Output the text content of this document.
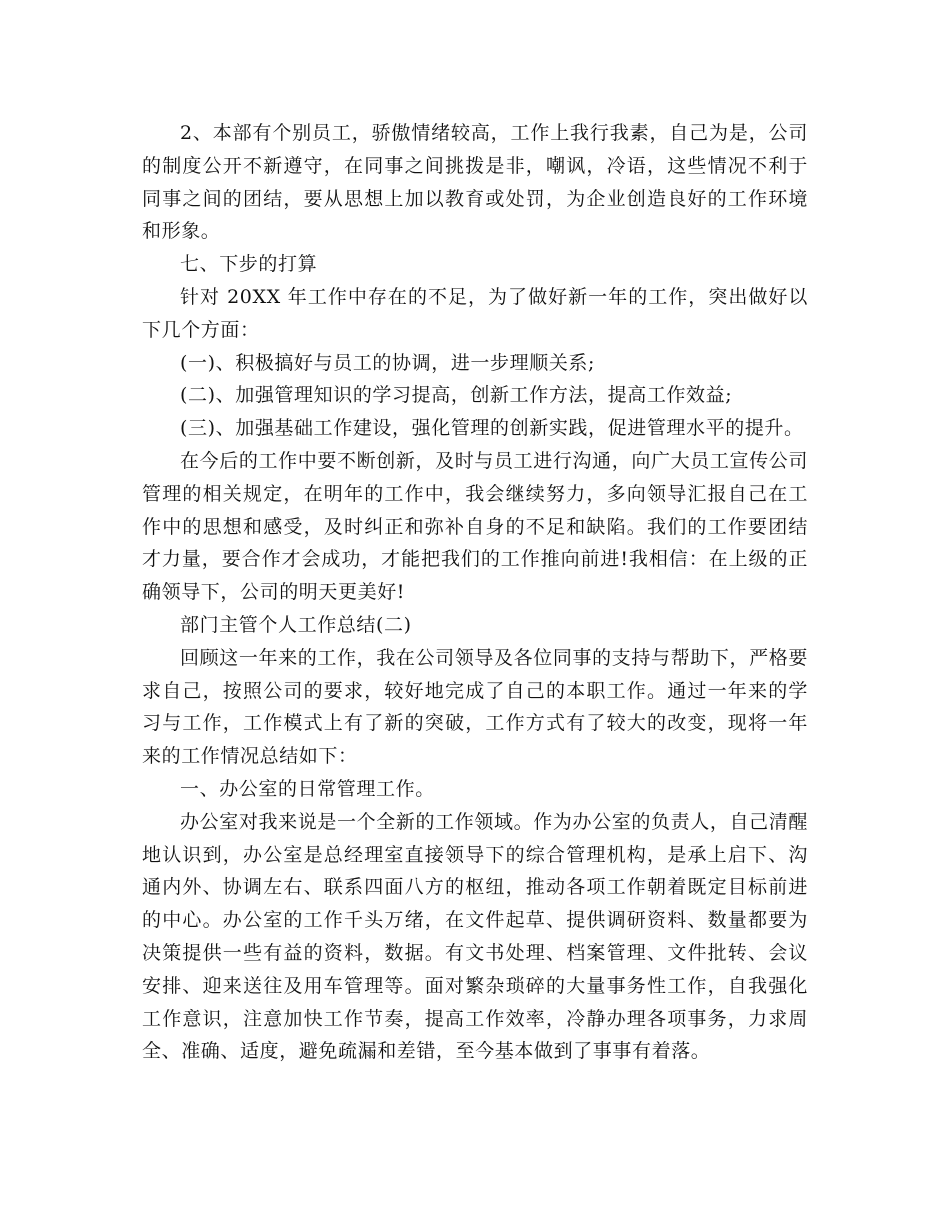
2、本部有个别员工，骄傲情绪较高，工作上我行我素，自己为是，公司的制度公开不新遵守，在同事之间挑拨是非，嘲讽，冷语，这些情况不利于同事之间的团结，要从思想上加以教育或处罚，为企业创造良好的工作环境和形象。

七、下步的打算

针对 20XX 年工作中存在的不足，为了做好新一年的工作，突出做好以下几个方面：

(一)、积极搞好与员工的协调，进一步理顺关系;

(二)、加强管理知识的学习提高，创新工作方法，提高工作效益;

(三)、加强基础工作建设，强化管理的创新实践，促进管理水平的提升。

在今后的工作中要不断创新，及时与员工进行沟通，向广大员工宣传公司管理的相关规定，在明年的工作中，我会继续努力，多向领导汇报自己在工作中的思想和感受，及时纠正和弥补自身的不足和缺陷。我们的工作要团结才力量，要合作才会成功，才能把我们的工作推向前进!我相信：在上级的正确领导下，公司的明天更美好!

部门主管个人工作总结(二)

回顾这一年来的工作，我在公司领导及各位同事的支持与帮助下，严格要求自己，按照公司的要求，较好地完成了自己的本职工作。通过一年来的学习与工作，工作模式上有了新的突破，工作方式有了较大的改变，现将一年来的工作情况总结如下：

一、办公室的日常管理工作。

办公室对我来说是一个全新的工作领域。作为办公室的负责人，自己清醒地认识到，办公室是总经理室直接领导下的综合管理机构，是承上启下、沟通内外、协调左右、联系四面八方的枢纽，推动各项工作朝着既定目标前进的中心。办公室的工作千头万绪，在文件起草、提供调研资料、数量都要为决策提供一些有益的资料，数据。有文书处理、档案管理、文件批转、会议安排、迎来送往及用车管理等。面对繁杂琐碎的大量事务性工作，自我强化工作意识，注意加快工作节奏，提高工作效率，冷静办理各项事务，力求周全、准确、适度，避免疏漏和差错，至今基本做到了事事有着落。
